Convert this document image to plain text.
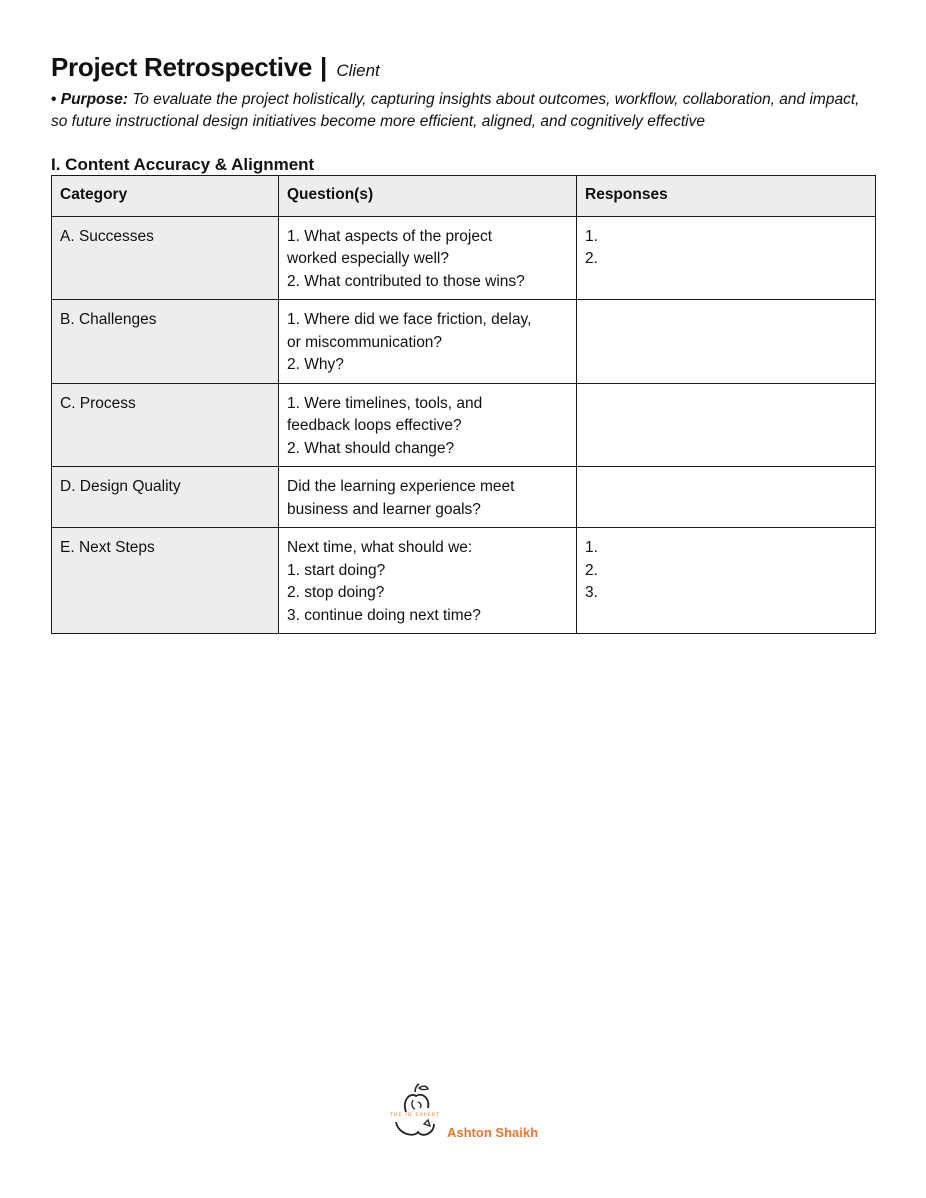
Project Retrospective | Client
• Purpose: To evaluate the project holistically, capturing insights about outcomes, workflow, collaboration, and impact, so future instructional design initiatives become more efficient, aligned, and cognitively effective
I. Content Accuracy & Alignment
Category	Question(s)	Responses
A. Successes	1. What aspects of the project
worked especially well?
2. What contributed to those wins?	1.
2.

B. Challenges	1. Where did we face friction, delay,
or miscommunication?
2. Why?	

C. Process	1. Were timelines, tools, and
feedback loops effective?
2. What should change?	

D. Design Quality	Did the learning experience meet
business and learner goals?	

E. Next Steps	Next time, what should we:
1. start doing?
2. stop doing?
3. continue doing next time?	1.
2.
3.
THE ID EXPERT
Ashton Shaikh
